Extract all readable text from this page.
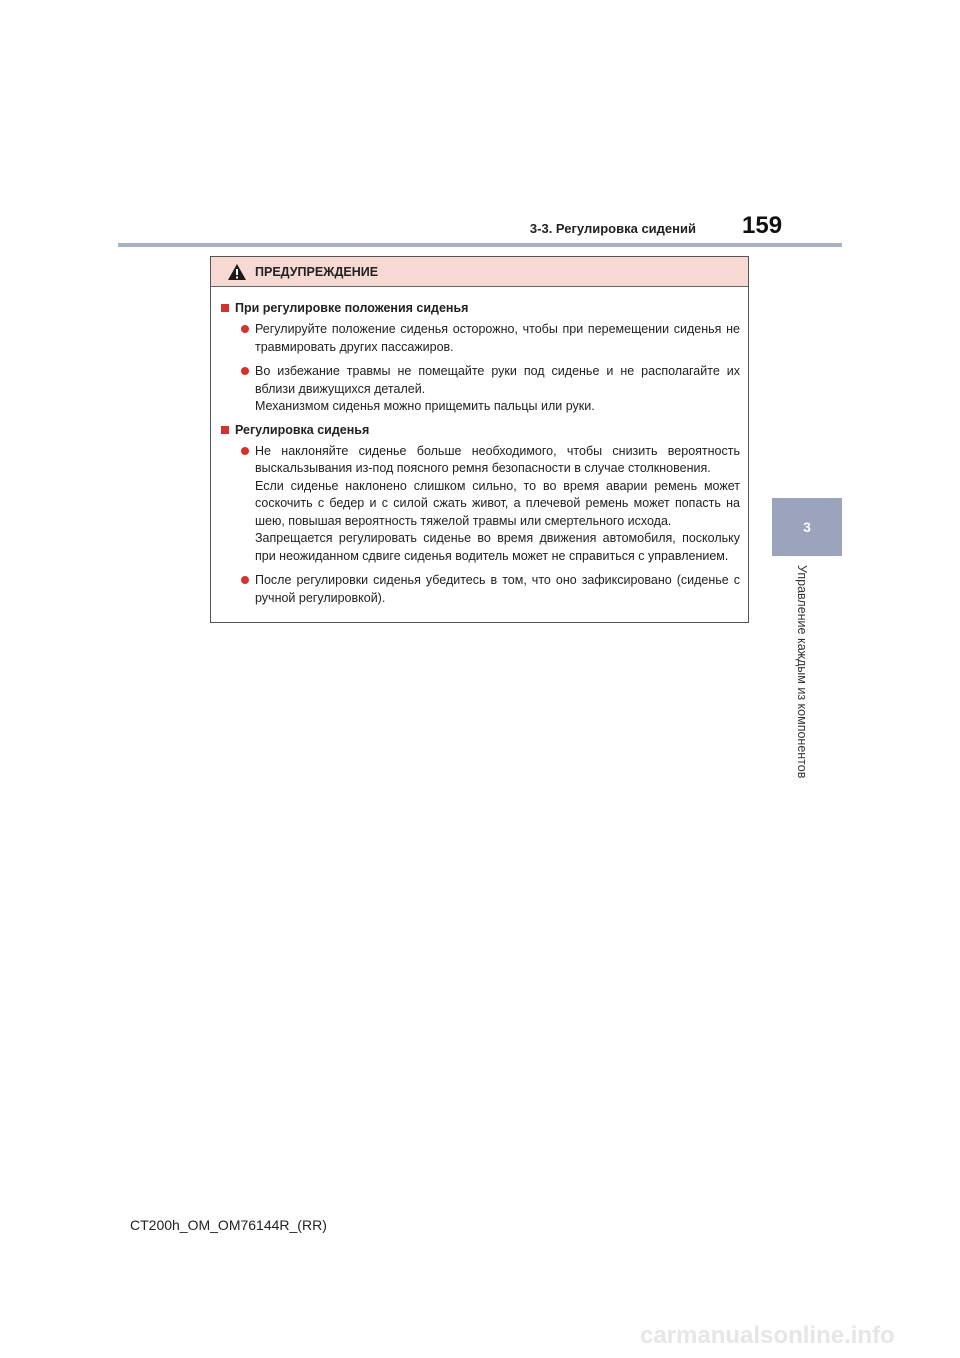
3-3. Регулировка сидений 159
3
Управление каждым из компонентов
ПРЕДУПРЕЖДЕНИЕ
При регулировке положения сиденья
Регулируйте положение сиденья осторожно, чтобы при перемещении сиденья не травмировать других пассажиров.
Во избежание травмы не помещайте руки под сиденье и не располагайте их вблизи движущихся деталей.
Механизмом сиденья можно прищемить пальцы или руки.
Регулировка сиденья
Не наклоняйте сиденье больше необходимого, чтобы снизить вероятность выскальзывания из-под поясного ремня безопасности в случае столкновения.
Если сиденье наклонено слишком сильно, то во время аварии ремень может соскочить с бедер и с силой сжать живот, а плечевой ремень может попасть на шею, повышая вероятность тяжелой травмы или смертельного исхода.
Запрещается регулировать сиденье во время движения автомобиля, поскольку при неожиданном сдвиге сиденья водитель может не справиться с управлением.
После регулировки сиденья убедитесь в том, что оно зафиксировано (сиденье с ручной регулировкой).
CT200h_OM_OM76144R_(RR)
carmanualsonline.info
